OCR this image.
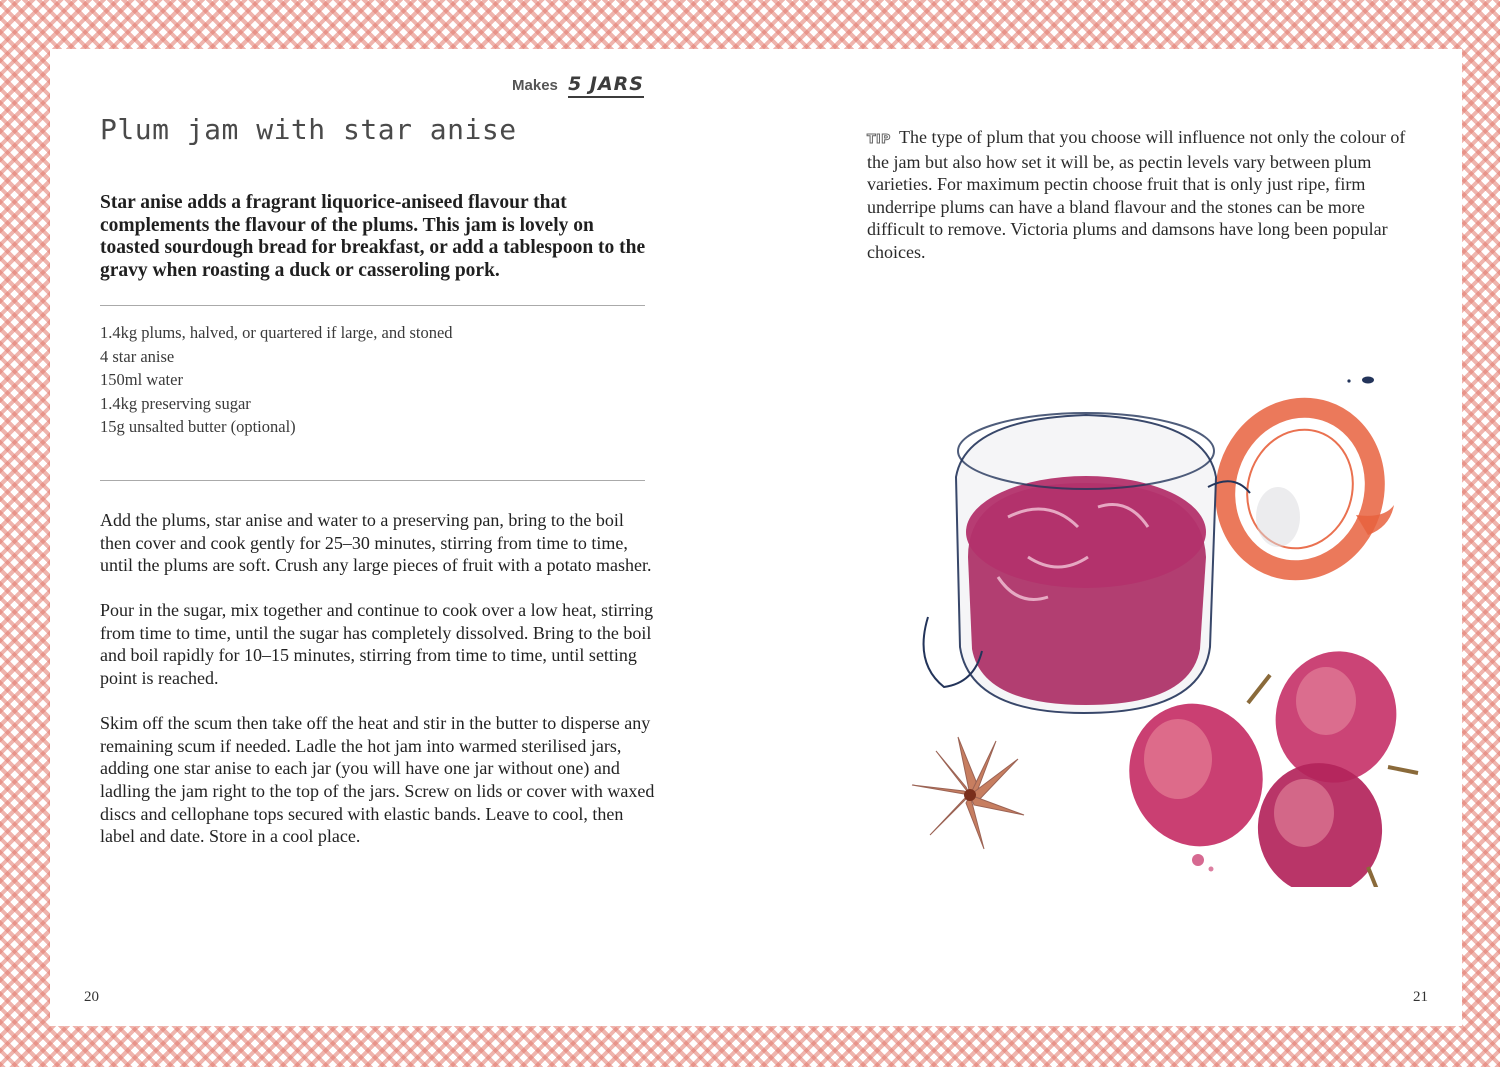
Makes 5 JARS
Plum jam with star anise

Star anise adds a fragrant liquorice-aniseed flavour that complements the flavour of the plums. This jam is lovely on toasted sourdough bread for breakfast, or add a tablespoon to the gravy when roasting a duck or casseroling pork.

1.4kg plums, halved, or quartered if large, and stoned
4 star anise
150ml water
1.4kg preserving sugar
15g unsalted butter (optional)

Add the plums, star anise and water to a preserving pan, bring to the boil then cover and cook gently for 25–30 minutes, stirring from time to time, until the plums are soft. Crush any large pieces of fruit with a potato masher.

Pour in the sugar, mix together and continue to cook over a low heat, stirring from time to time, until the sugar has completely dissolved. Bring to the boil and boil rapidly for 10–15 minutes, stirring from time to time, until setting point is reached.

Skim off the scum then take off the heat and stir in the butter to disperse any remaining scum if needed. Ladle the hot jam into warmed sterilised jars, adding one star anise to each jar (you will have one jar without one) and ladling the jam right to the top of the jars. Screw on lids or cover with waxed discs and cellophane tops secured with elastic bands. Leave to cool, then label and date. Store in a cool place.

20	21

TIP The type of plum that you choose will influence not only the colour of the jam but also how set it will be, as pectin levels vary between plum varieties. For maximum pectin choose fruit that is only just ripe, firm underripe plums can have a bland flavour and the stones can be more difficult to remove. Victoria plums and damsons have long been popular choices.
